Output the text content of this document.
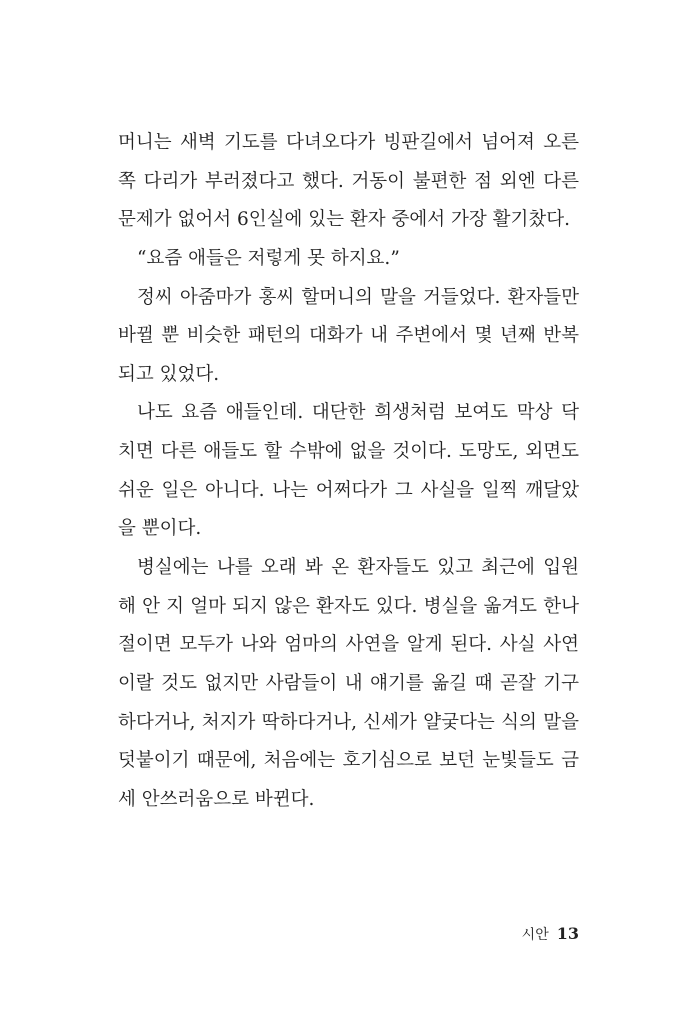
머니는 새벽 기도를 다녀오다가 빙판길에서 넘어져 오른
쪽 다리가 부러졌다고 했다. 거동이 불편한 점 외엔 다른
문제가 없어서 6인실에 있는 환자 중에서 가장 활기찼다.
“요즘 애들은 저렇게 못 하지요.”
정씨 아줌마가 홍씨 할머니의 말을 거들었다. 환자들만
바뀔 뿐 비슷한 패턴의 대화가 내 주변에서 몇 년째 반복
되고 있었다.
나도 요즘 애들인데. 대단한 희생처럼 보여도 막상 닥
치면 다른 애들도 할 수밖에 없을 것이다. 도망도, 외면도
쉬운 일은 아니다. 나는 어쩌다가 그 사실을 일찍 깨달았
을 뿐이다.
병실에는 나를 오래 봐 온 환자들도 있고 최근에 입원
해 안 지 얼마 되지 않은 환자도 있다. 병실을 옮겨도 한나
절이면 모두가 나와 엄마의 사연을 알게 된다. 사실 사연
이랄 것도 없지만 사람들이 내 얘기를 옮길 때 곧잘 기구
하다거나, 처지가 딱하다거나, 신세가 얄궂다는 식의 말을
덧붙이기 때문에, 처음에는 호기심으로 보던 눈빛들도 금
세 안쓰러움으로 바뀐다.
시안 13
